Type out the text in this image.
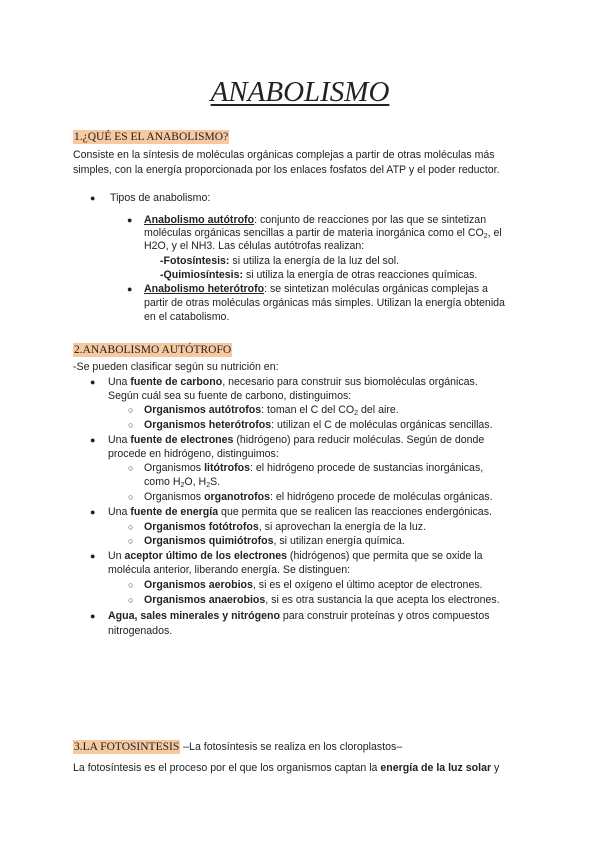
ANABOLISMO
1.¿QUÉ ES EL ANABOLISMO?
Consiste en la síntesis de moléculas orgánicas complejas a partir de otras moléculas más
simples, con la energía proporcionada por los enlaces fosfatos del ATP y el poder reductor.
● Tipos de anabolismo:
● Anabolismo autótrofo: conjunto de reacciones por las que se sintetizan
moléculas orgánicas sencillas a partir de materia inorgánica como el $CO_2$, el
H2O, y el NH3. Las células autótrofas realizan:
-Fotosíntesis: si utiliza la energía de la luz del sol.
-Quimiosíntesis: si utiliza la energía de otras reacciones químicas.
● Anabolismo heterótrofo: se sintetizan moléculas orgánicas complejas a
partir de otras moléculas orgánicas más simples. Utilizan la energía obtenida
en el catabolismo.
2.ANABOLISMO AUTÓTROFO
-Se pueden clasificar según su nutrición en:
● Una fuente de carbono, necesario para construir sus biomoléculas orgánicas.
Según cuál sea su fuente de carbono, distinguimos:
○ Organismos autótrofos: toman el C del $CO_2$ del aire.
○ Organismos heterótrofos: utilizan el C de moléculas orgánicas sencillas.
● Una fuente de electrones (hidrógeno) para reducir moléculas. Según de donde
procede en hidrógeno, distinguimos:
○ Organismos litótrofos: el hidrógeno procede de sustancias inorgánicas,
como $H_2O$, $H_2S$.
○ Organismos organotrofos: el hidrógeno procede de moléculas orgánicas.
● Una fuente de energía que permita que se realicen las reacciones endergónicas.
○ Organismos fotótrofos, si aprovechan la energía de la luz.
○ Organismos quimiótrofos, si utilizan energía química.
● Un aceptor último de los electrones (hidrógenos) que permita que se oxide la
molécula anterior, liberando energía. Se distinguen:
○ Organismos aerobios, si es el oxígeno el último aceptor de electrones.
○ Organismos anaerobios, si es otra sustancia la que acepta los electrones.
● Agua, sales minerales y nitrógeno para construir proteínas y otros compuestos
nitrogenados.
3.LA FOTOSINTESIS –La fotosíntesis se realiza en los cloroplastos–
La fotosíntesis es el proceso por el que los organismos captan la energía de la luz solar y
